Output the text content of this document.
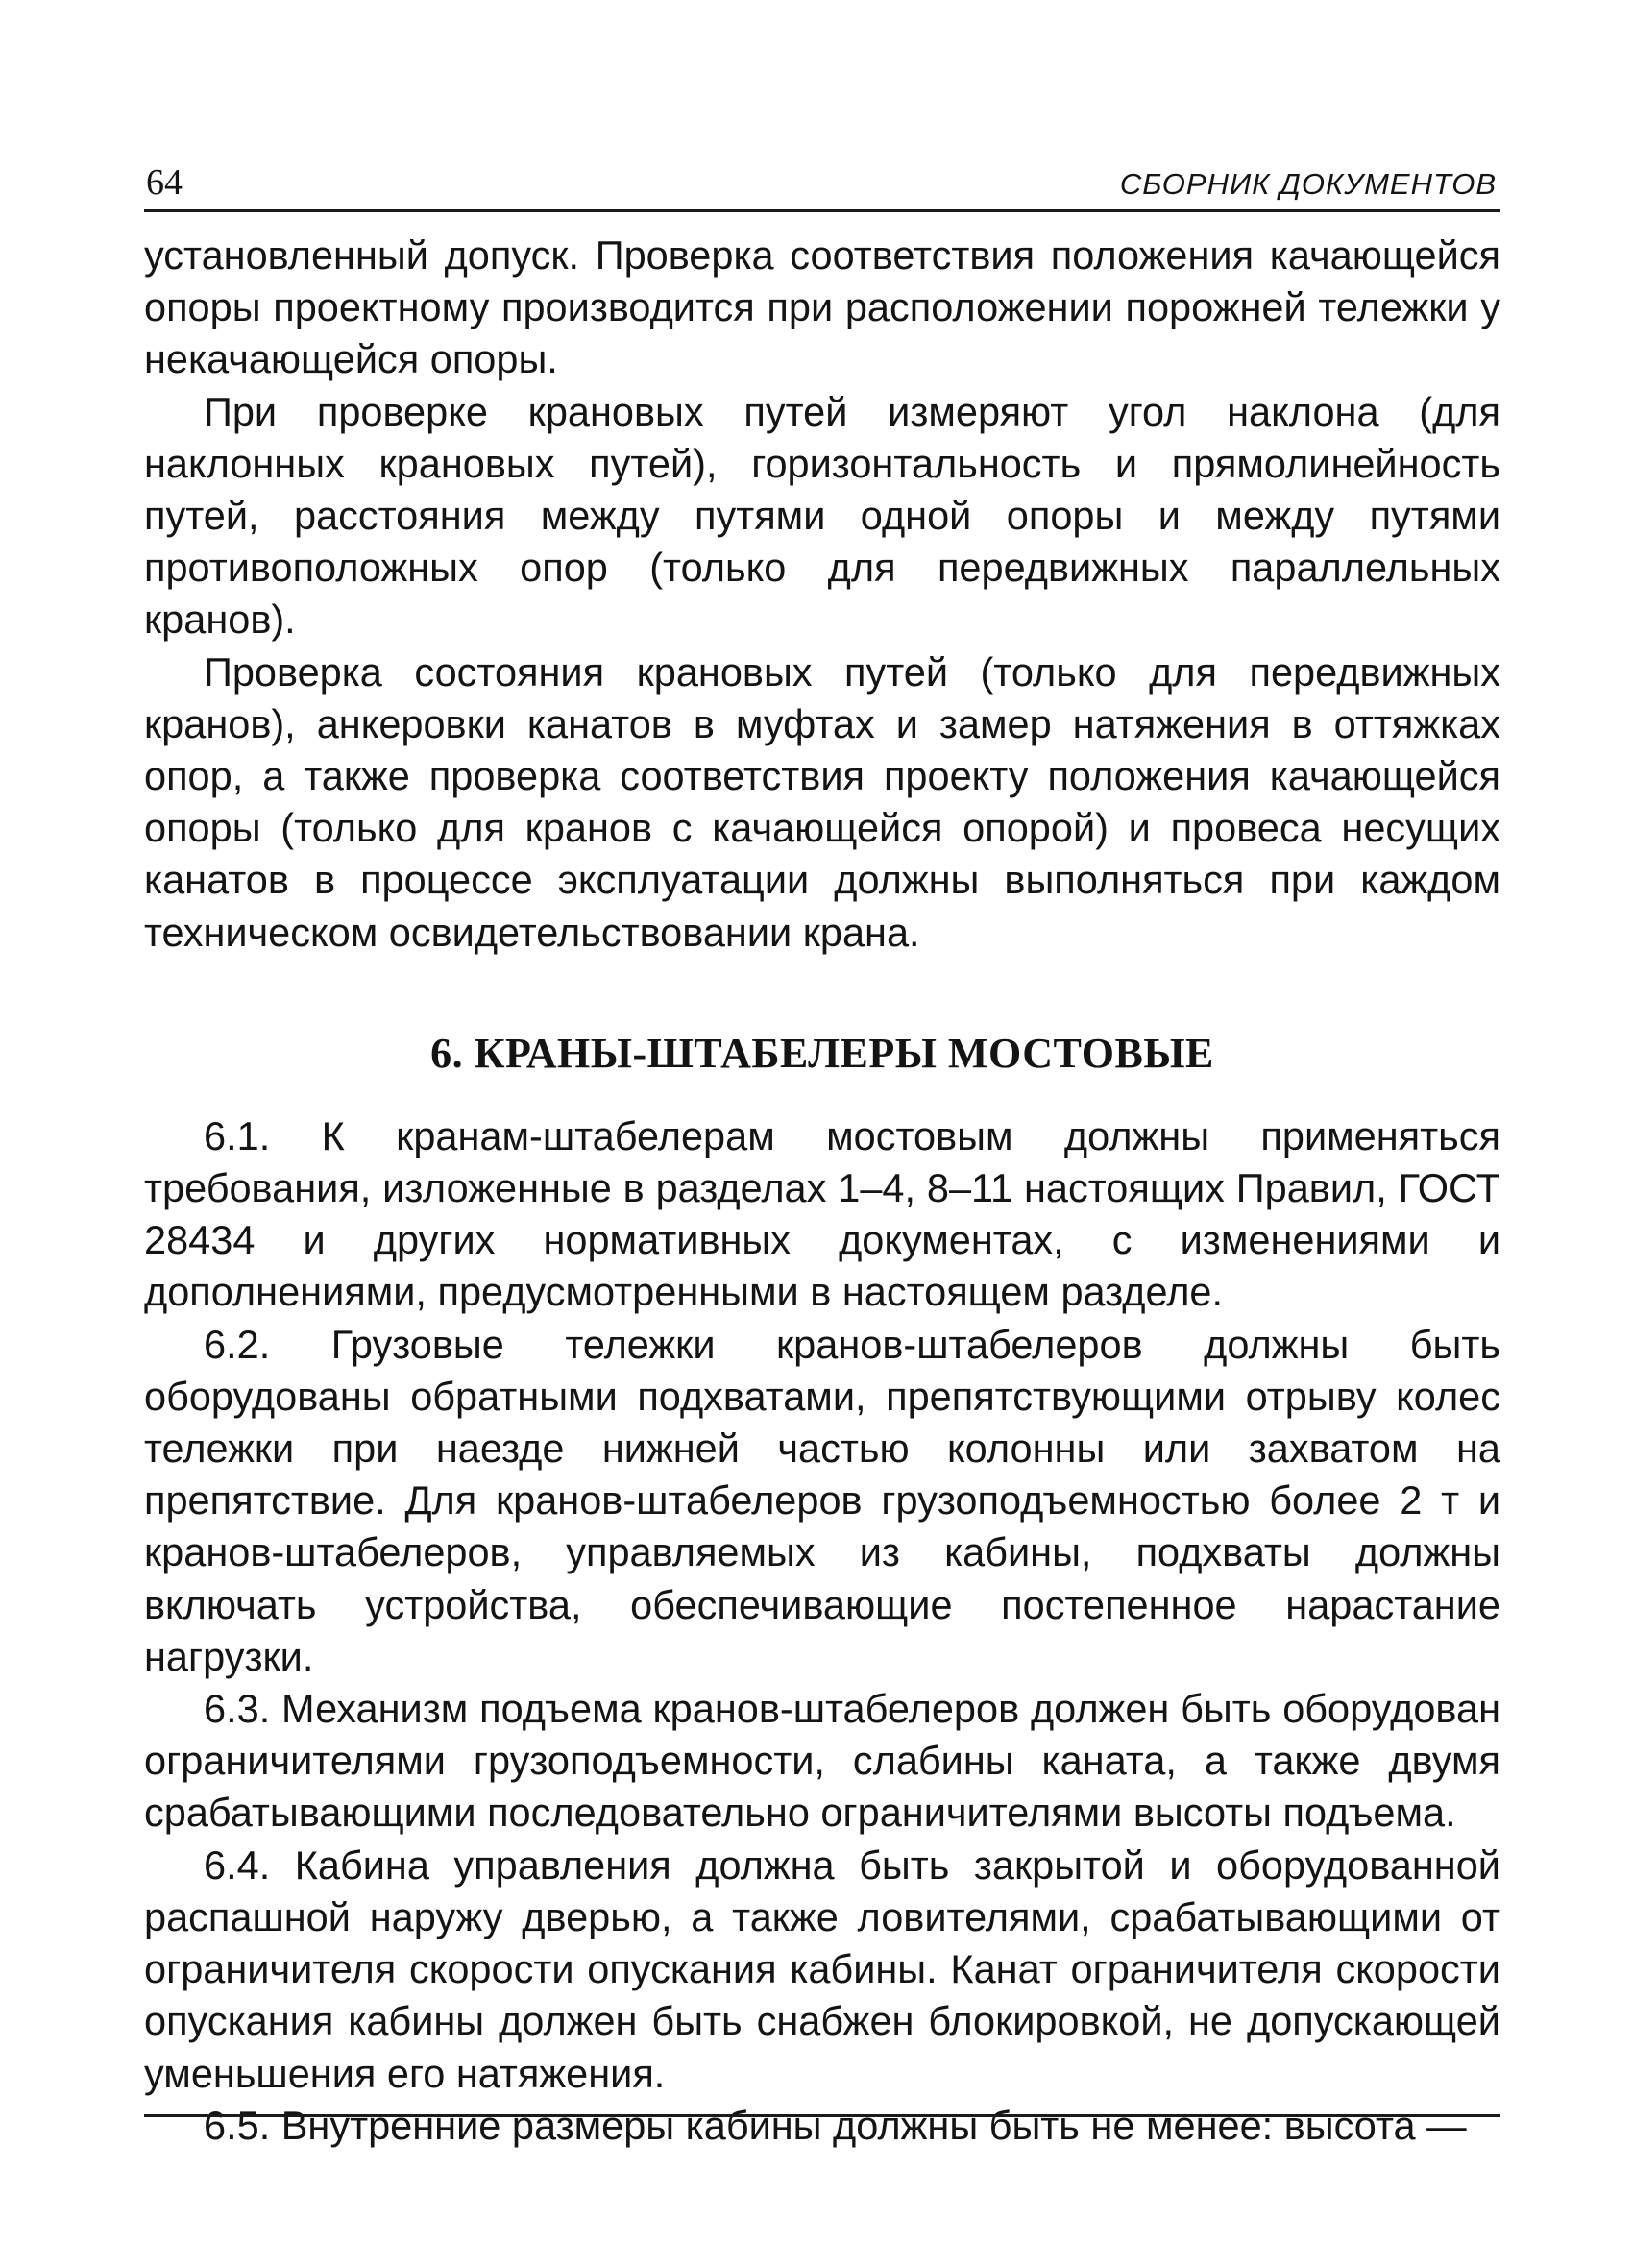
64	СБОРНИК ДОКУМЕНТОВ

установленный допуск. Проверка соответствия положения качающейся опоры проектному производится при расположении порожней тележки у некачающейся опоры.

При проверке крановых путей измеряют угол наклона (для наклонных крановых путей), горизонтальность и прямолинейность путей, расстояния между путями одной опоры и между путями противоположных опор (только для передвижных параллельных кранов).

Проверка состояния крановых путей (только для передвижных кранов), анкеровки канатов в муфтах и замер натяжения в оттяжках опор, а также проверка соответствия проекту положения качающейся опоры (только для кранов с качающейся опорой) и провеса несущих канатов в процессе эксплуатации должны выполняться при каждом техническом освидетельствовании крана.

6. КРАНЫ-ШТАБЕЛЕРЫ МОСТОВЫЕ

6.1. К кранам-штабелерам мостовым должны применяться требования, изложенные в разделах 1–4, 8–11 настоящих Правил, ГОСТ 28434 и других нормативных документах, с изменениями и дополнениями, предусмотренными в настоящем разделе.

6.2. Грузовые тележки кранов-штабелеров должны быть оборудованы обратными подхватами, препятствующими отрыву колес тележки при наезде нижней частью колонны или захватом на препятствие. Для кранов-штабелеров грузоподъемностью более 2 т и кранов-штабелеров, управляемых из кабины, подхваты должны включать устройства, обеспечивающие постепенное нарастание нагрузки.

6.3. Механизм подъема кранов-штабелеров должен быть оборудован ограничителями грузоподъемности, слабины каната, а также двумя срабатывающими последовательно ограничителями высоты подъема.

6.4. Кабина управления должна быть закрытой и оборудованной распашной наружу дверью, а также ловителями, срабатывающими от ограничителя скорости опускания кабины. Канат ограничителя скорости опускания кабины должен быть снабжен блокировкой, не допускающей уменьшения его натяжения.

6.5. Внутренние размеры кабины должны быть не менее: высота —
